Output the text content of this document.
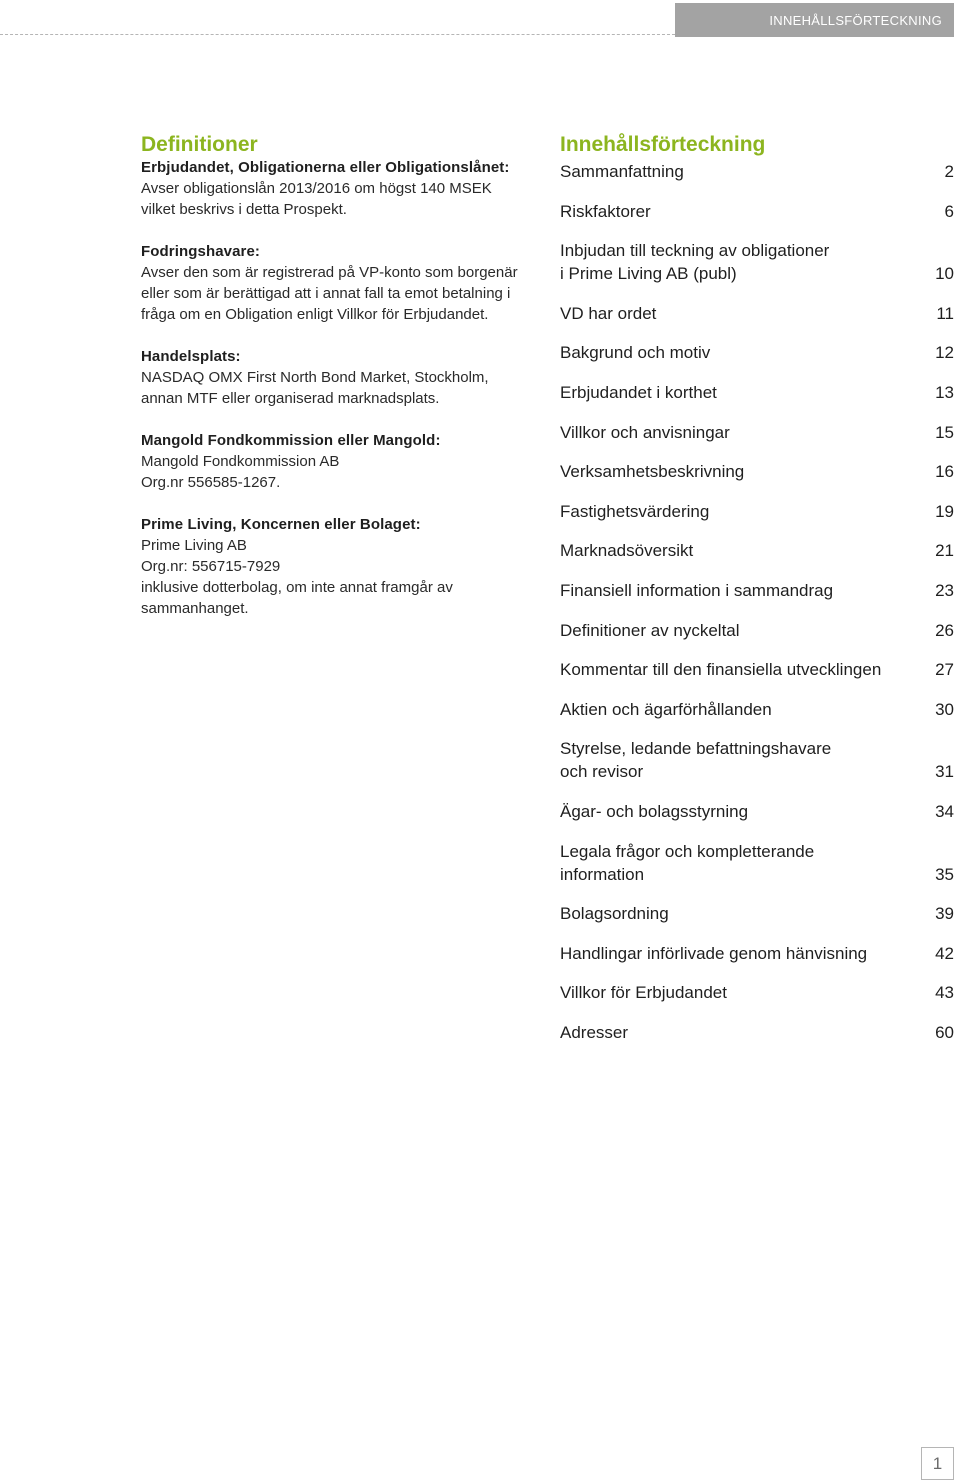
INNEHÅLLSFÖRTECKNING
Definitioner
Erbjudandet, Obligationerna eller Obligationslånet:
Avser obligationslån 2013/2016 om högst 140 MSEK
vilket beskrivs i detta Prospekt.
Fodringshavare:
Avser den som är registrerad på VP-konto som borgenär
eller som är berättigad att i annat fall ta emot betalning i
fråga om en Obligation enligt Villkor för Erbjudandet.
Handelsplats:
NASDAQ OMX First North Bond Market, Stockholm,
annan MTF eller organiserad marknadsplats.
Mangold Fondkommission eller Mangold:
Mangold Fondkommission AB
Org.nr 556585-1267.
Prime Living, Koncernen eller Bolaget:
Prime Living AB
Org.nr: 556715-7929
inklusive dotterbolag, om inte annat framgår av
sammanhanget.
Innehållsförteckning
Sammanfattning	2
Riskfaktorer	6
Inbjudan till teckning av obligationer
i Prime Living AB (publ)	10
VD har ordet	11
Bakgrund och motiv	12
Erbjudandet i korthet	13
Villkor och anvisningar	15
Verksamhetsbeskrivning	16
Fastighetsvärdering	19
Marknadsöversikt	21
Finansiell information i sammandrag	23
Definitioner av nyckeltal	26
Kommentar till den finansiella utvecklingen	27
Aktien och ägarförhållanden	30
Styrelse, ledande befattningshavare
och revisor	31
Ägar- och bolagsstyrning	34
Legala frågor och kompletterande
information	35
Bolagsordning	39
Handlingar införlivade genom hänvisning	42
Villkor för Erbjudandet	43
Adresser	60
1
